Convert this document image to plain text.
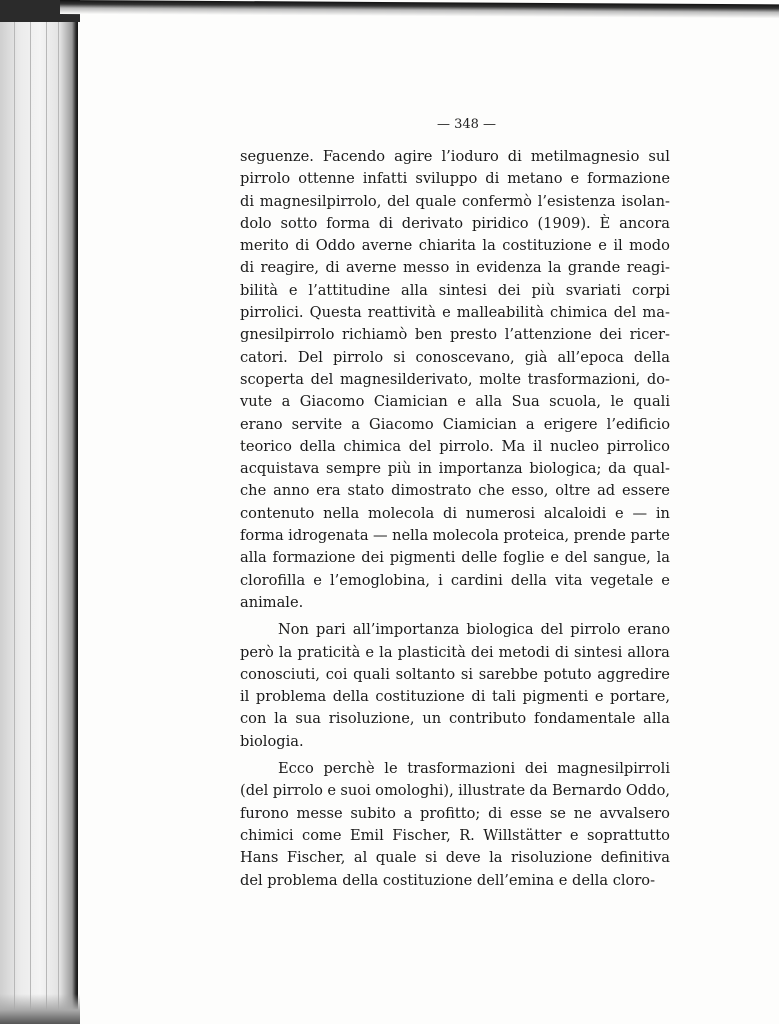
— 348 —

seguenze. Facendo agire l’ioduro di metilmagnesio sul
pirrolo ottenne infatti sviluppo di metano e formazione
di magnesilpirrolo, del quale confermò l’esistenza isolan-
dolo sotto forma di derivato piridico (1909). È ancora
merito di Oddo averne chiarita la costituzione e il modo
di reagire, di averne messo in evidenza la grande reagi-
bilità e l’attitudine alla sintesi dei più svariati corpi
pirrolici. Questa reattività e malleabilità chimica del ma-
gnesilpirrolo richiamò ben presto l’attenzione dei ricer-
catori. Del pirrolo si conoscevano, già all’epoca della
scoperta del magnesilderivato, molte trasformazioni, do-
vute a Giacomo Ciamician e alla Sua scuola, le quali
erano servite a Giacomo Ciamician a erigere l’edificio
teorico della chimica del pirrolo. Ma il nucleo pirrolico
acquistava sempre più in importanza biologica; da qual-
che anno era stato dimostrato che esso, oltre ad essere
contenuto nella molecola di numerosi alcaloidi e — in
forma idrogenata — nella molecola proteica, prende parte
alla formazione dei pigmenti delle foglie e del sangue, la
clorofilla e l’emoglobina, i cardini della vita vegetale e
animale.
Non pari all’importanza biologica del pirrolo erano
però la praticità e la plasticità dei metodi di sintesi allora
conosciuti, coi quali soltanto si sarebbe potuto aggredire
il problema della costituzione di tali pigmenti e portare,
con la sua risoluzione, un contributo fondamentale alla
biologia.
Ecco perchè le trasformazioni dei magnesilpirroli
(del pirrolo e suoi omologhi), illustrate da Bernardo Oddo,
furono messe subito a profitto; di esse se ne avvalsero
chimici come Emil Fischer, R. Willstätter e soprattutto
Hans Fischer, al quale si deve la risoluzione definitiva
del problema della costituzione dell’emina e della cloro-
